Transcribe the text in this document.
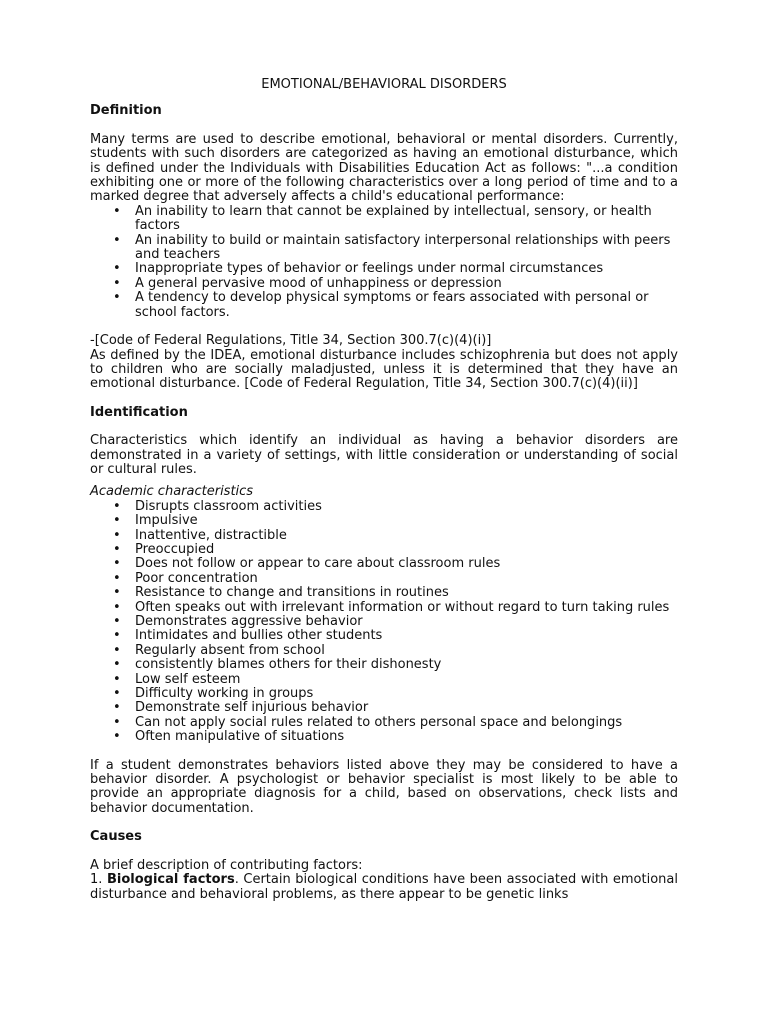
EMOTIONAL/BEHAVIORAL DISORDERS
Definition

Many terms are used to describe emotional, behavioral or mental disorders. Currently, students with such disorders are categorized as having an emotional disturbance, which is defined under the Individuals with Disabilities Education Act as follows: "...a condition exhibiting one or more of the following characteristics over a long period of time and to a marked degree that adversely affects a child's educational performance:

• An inability to learn that cannot be explained by intellectual, sensory, or health factors
• An inability to build or maintain satisfactory interpersonal relationships with peers and teachers
• Inappropriate types of behavior or feelings under normal circumstances
• A general pervasive mood of unhappiness or depression
• A tendency to develop physical symptoms or fears associated with personal or school factors.

-[Code of Federal Regulations, Title 34, Section 300.7(c)(4)(i)]

As defined by the IDEA, emotional disturbance includes schizophrenia but does not apply to children who are socially maladjusted, unless it is determined that they have an emotional disturbance. [Code of Federal Regulation, Title 34, Section 300.7(c)(4)(ii)]

Identification

Characteristics which identify an individual as having a behavior disorders are demonstrated in a variety of settings, with little consideration or understanding of social or cultural rules.

Academic characteristics

• Disrupts classroom activities
• Impulsive
• Inattentive, distractible
• Preoccupied
• Does not follow or appear to care about classroom rules
• Poor concentration
• Resistance to change and transitions in routines
• Often speaks out with irrelevant information or without regard to turn taking rules
• Demonstrates aggressive behavior
• Intimidates and bullies other students
• Regularly absent from school
• consistently blames others for their dishonesty
• Low self esteem
• Difficulty working in groups
• Demonstrate self injurious behavior
• Can not apply social rules related to others personal space and belongings
• Often manipulative of situations

If a student demonstrates behaviors listed above they may be considered to have a behavior disorder. A psychologist or behavior specialist is most likely to be able to provide an appropriate diagnosis for a child, based on observations, check lists and behavior documentation.

Causes

A brief description of contributing factors:

1. Biological factors. Certain biological conditions have been associated with emotional disturbance and behavioral problems, as there appear to be genetic links
